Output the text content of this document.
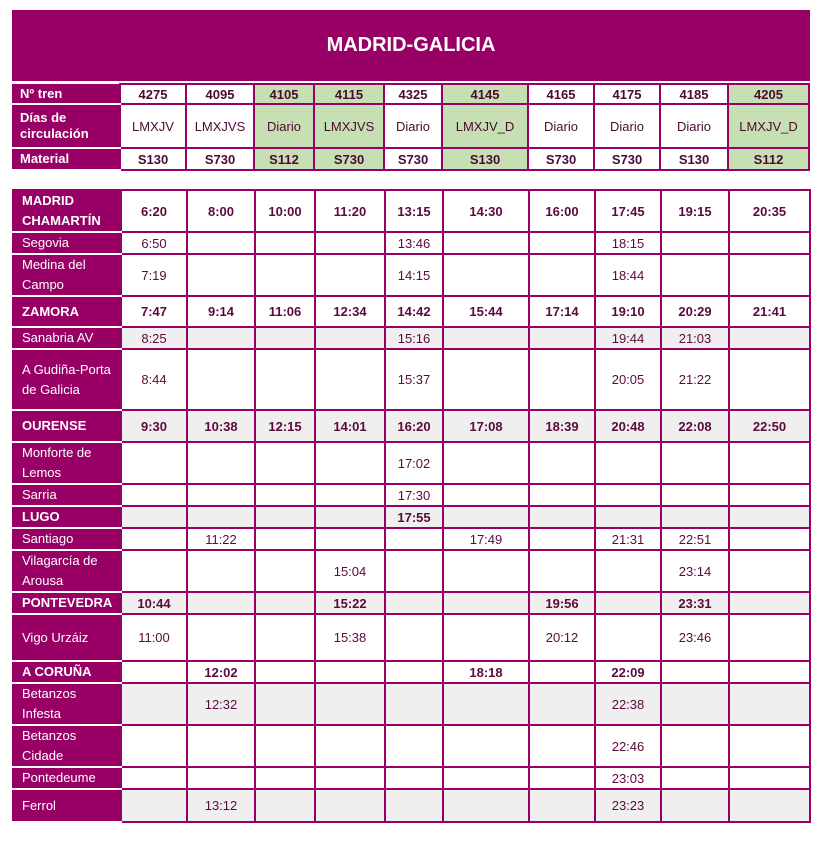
MADRID-GALICIA
Nº tren	4275	4095	4105	4115	4325	4145	4165	4175	4185	4205
Días de circulación	LMXJV	LMXJVS	Diario	LMXJVS	Diario	LMXJV_D	Diario	Diario	Diario	LMXJV_D
Material	S130	S730	S112	S730	S730	S130	S730	S730	S130	S112
MADRID CHAMARTÍN	6:20	8:00	10:00	11:20	13:15	14:30	16:00	17:45	19:15	20:35
Segovia	6:50				13:46			18:15		
Medina del Campo	7:19				14:15			18:44		
ZAMORA	7:47	9:14	11:06	12:34	14:42	15:44	17:14	19:10	20:29	21:41
Sanabria AV	8:25				15:16			19:44	21:03	
A Gudiña-Porta de Galicia	8:44				15:37			20:05	21:22	
OURENSE	9:30	10:38	12:15	14:01	16:20	17:08	18:39	20:48	22:08	22:50
Monforte de Lemos					17:02					
Sarria					17:30					
LUGO					17:55					
Santiago		11:22				17:49		21:31	22:51	
Vilagarcía de Arousa				15:04					23:14	
PONTEVEDRA	10:44			15:22			19:56		23:31	
Vigo Urzáiz	11:00			15:38			20:12		23:46	
A CORUÑA		12:02				18:18		22:09		
Betanzos Infesta		12:32						22:38		
Betanzos Cidade								22:46		
Pontedeume								23:03		
Ferrol		13:12						23:23		
